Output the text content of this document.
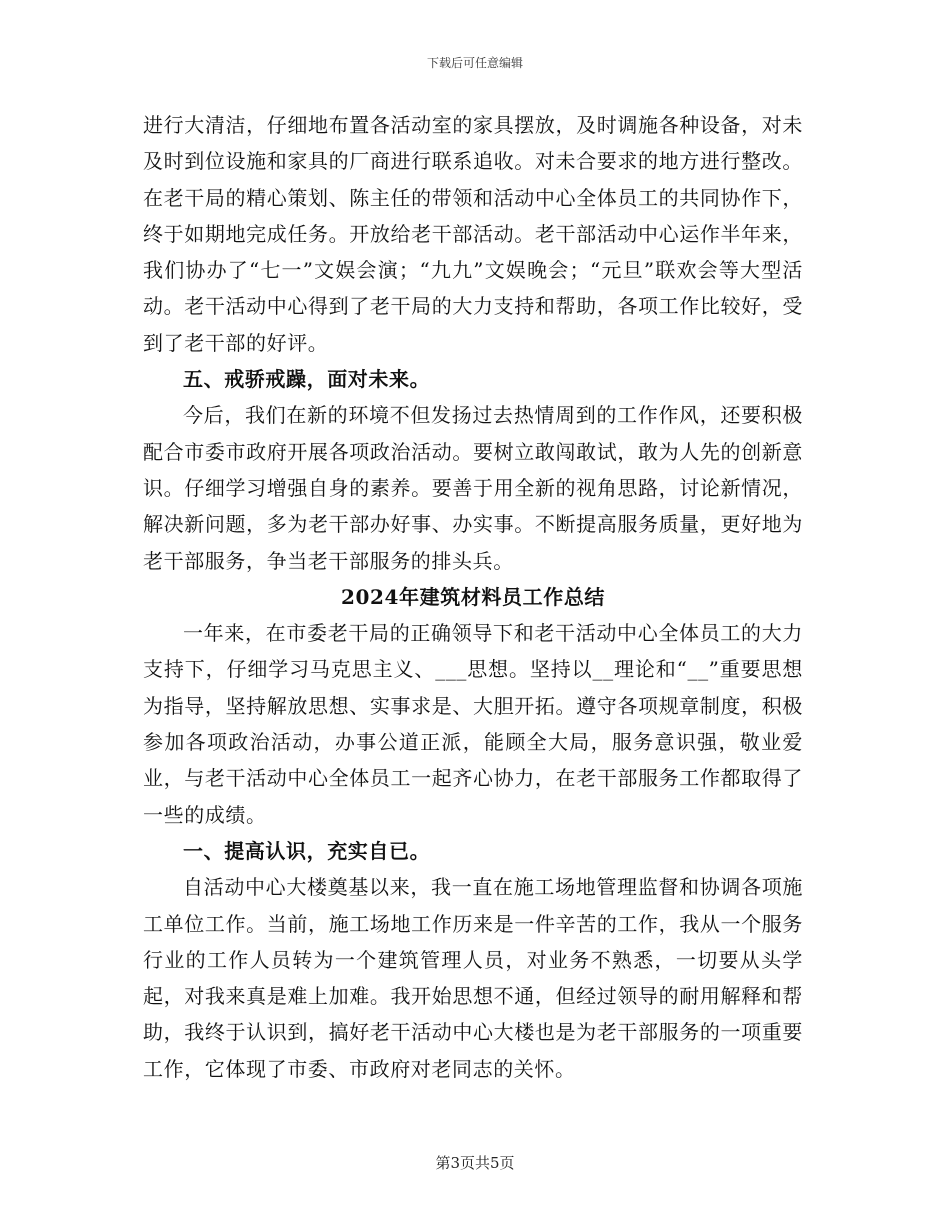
下载后可任意编辑

进行大清洁，仔细地布置各活动室的家具摆放，及时调施各种设备，对未及时到位设施和家具的厂商进行联系追收。对未合要求的地方进行整改。在老干局的精心策划、陈主任的带领和活动中心全体员工的共同协作下，终于如期地完成任务。开放给老干部活动。老干部活动中心运作半年来，我们协办了“七一”文娱会演；“九九”文娱晚会；“元旦”联欢会等大型活动。老干活动中心得到了老干局的大力支持和帮助，各项工作比较好，受到了老干部的好评。

五、戒骄戒躁，面对未来。

今后，我们在新的环境不但发扬过去热情周到的工作作风，还要积极配合市委市政府开展各项政治活动。要树立敢闯敢试，敢为人先的创新意识。仔细学习增强自身的素养。要善于用全新的视角思路，讨论新情况，解决新问题，多为老干部办好事、办实事。不断提高服务质量，更好地为老干部服务，争当老干部服务的排头兵。

2024年建筑材料员工作总结

一年来，在市委老干局的正确领导下和老干活动中心全体员工的大力支持下，仔细学习马克思主义、___思想。坚持以__理论和“__”重要思想为指导，坚持解放思想、实事求是、大胆开拓。遵守各项规章制度，积极参加各项政治活动，办事公道正派，能顾全大局，服务意识强，敬业爱业，与老干活动中心全体员工一起齐心协力，在老干部服务工作都取得了一些的成绩。

一、提高认识，充实自已。

自活动中心大楼奠基以来，我一直在施工场地管理监督和协调各项施工单位工作。当前，施工场地工作历来是一件辛苦的工作，我从一个服务行业的工作人员转为一个建筑管理人员，对业务不熟悉，一切要从头学起，对我来真是难上加难。我开始思想不通，但经过领导的耐用解释和帮助，我终于认识到，搞好老干活动中心大楼也是为老干部服务的一项重要工作，它体现了市委、市政府对老同志的关怀。

第3页共5页
